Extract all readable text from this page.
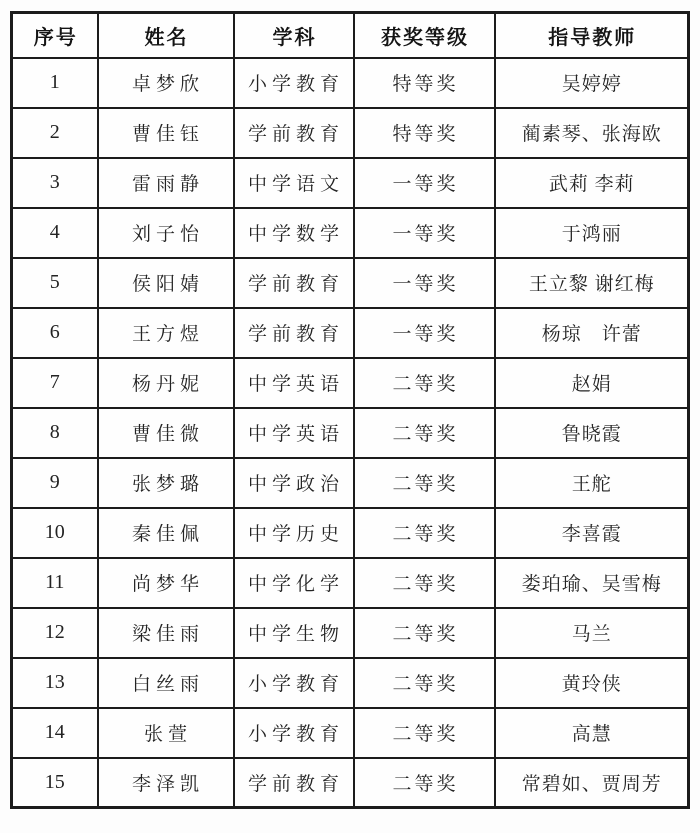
序号	姓名	学科	获奖等级	指导教师
1	卓梦欣	小学教育	特等奖	吴婷婷
2	曹佳钰	学前教育	特等奖	蔺素琴、张海欧
3	雷雨静	中学语文	一等奖	武莉 李莉
4	刘子怡	中学数学	一等奖	于鸿丽
5	侯阳婧	学前教育	一等奖	王立黎 谢红梅
6	王方煜	学前教育	一等奖	杨琼　许蕾
7	杨丹妮	中学英语	二等奖	赵娟
8	曹佳微	中学英语	二等奖	鲁晓霞
9	张梦璐	中学政治	二等奖	王舵
10	秦佳佩	中学历史	二等奖	李喜霞
11	尚梦华	中学化学	二等奖	娄珀瑜、吴雪梅
12	梁佳雨	中学生物	二等奖	马兰
13	白丝雨	小学教育	二等奖	黄玲侠
14	张萱	小学教育	二等奖	高慧
15	李泽凯	学前教育	二等奖	常碧如、贾周芳
